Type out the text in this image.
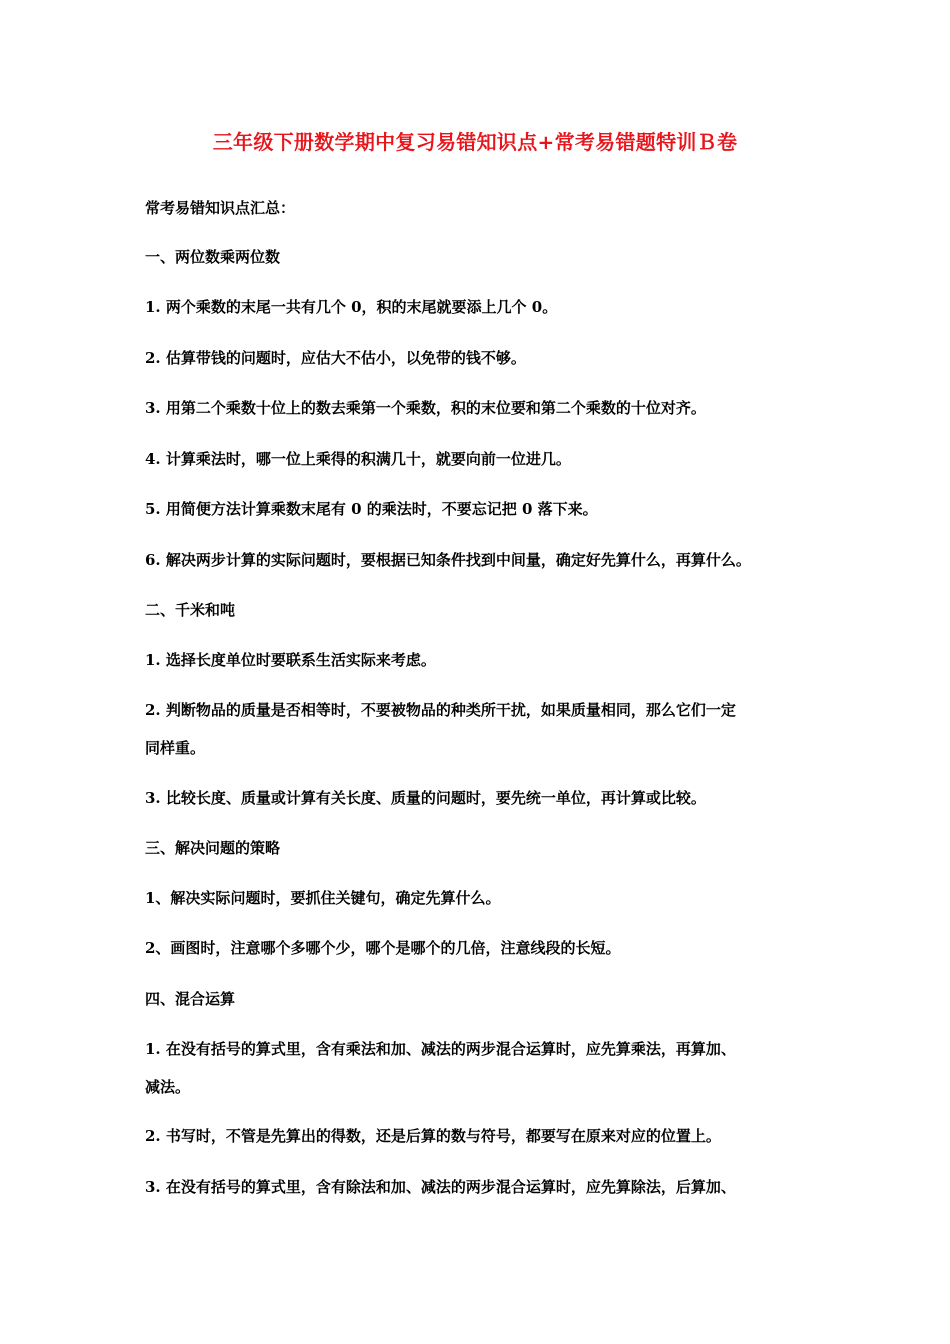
三年级下册数学期中复习易错知识点+常考易错题特训Ｂ卷
常考易错知识点汇总：
一、两位数乘两位数
1. 两个乘数的末尾一共有几个 0，积的末尾就要添上几个 0。
2. 估算带钱的问题时，应估大不估小，以免带的钱不够。
3. 用第二个乘数十位上的数去乘第一个乘数，积的末位要和第二个乘数的十位对齐。
4. 计算乘法时，哪一位上乘得的积满几十，就要向前一位进几。
5. 用简便方法计算乘数末尾有 0 的乘法时，不要忘记把 0 落下来。
6. 解决两步计算的实际问题时，要根据已知条件找到中间量，确定好先算什么，再算什么。
二、千米和吨
1. 选择长度单位时要联系生活实际来考虑。
2. 判断物品的质量是否相等时，不要被物品的种类所干扰，如果质量相同，那么它们一定
同样重。
3. 比较长度、质量或计算有关长度、质量的问题时，要先统一单位，再计算或比较。
三、解决问题的策略
1、解决实际问题时，要抓住关键句，确定先算什么。
2、画图时，注意哪个多哪个少，哪个是哪个的几倍，注意线段的长短。
四、混合运算
1. 在没有括号的算式里，含有乘法和加、减法的两步混合运算时，应先算乘法，再算加、
减法。
2. 书写时，不管是先算出的得数，还是后算的数与符号，都要写在原来对应的位置上。
3. 在没有括号的算式里，含有除法和加、减法的两步混合运算时，应先算除法，后算加、
